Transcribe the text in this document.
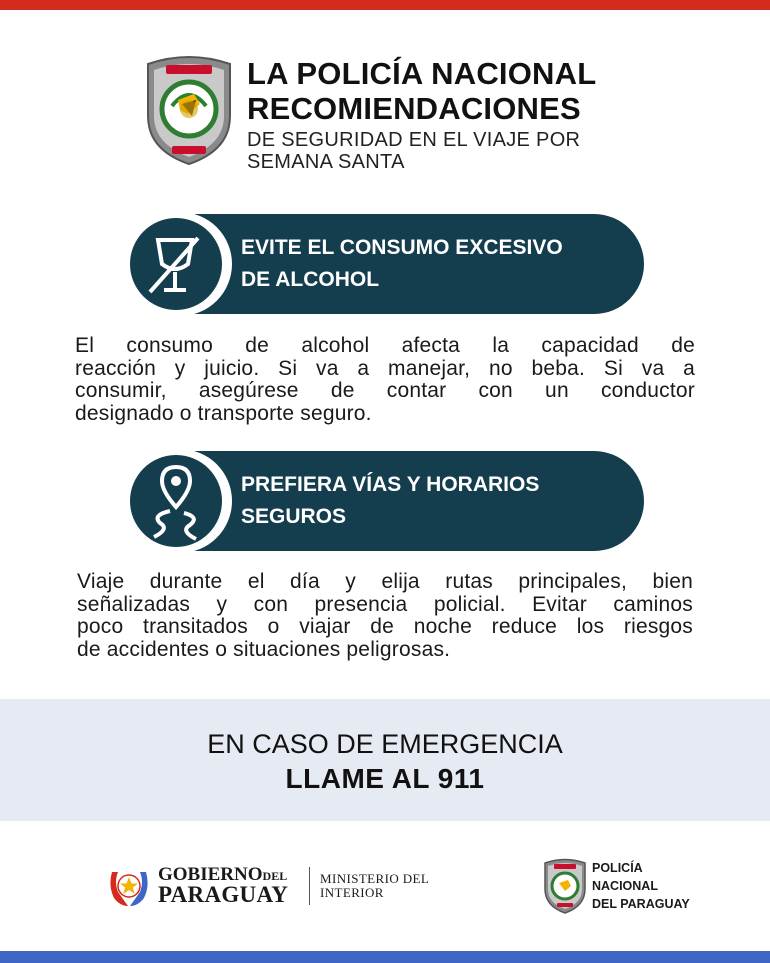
LA POLICÍA NACIONAL
RECOMIENDACIONES
DE SEGURIDAD EN EL VIAJE POR
SEMANA SANTA
EVITE EL CONSUMO EXCESIVO
DE ALCOHOL
El consumo de alcohol afecta la capacidad de
reacción y juicio. Si va a manejar, no beba. Si va a
consumir, asegúrese de contar con un conductor
designado o transporte seguro.
PREFIERA VÍAS Y HORARIOS
SEGUROS
Viaje durante el día y elija rutas principales, bien
señalizadas y con presencia policial. Evitar caminos
poco transitados o viajar de noche reduce los riesgos
de accidentes o situaciones peligrosas.
EN CASO DE EMERGENCIA
LLAME AL 911
GOBIERNODEL
PARAGUAY
MINISTERIO DEL
INTERIOR
POLICÍA
NACIONAL
DEL PARAGUAY
